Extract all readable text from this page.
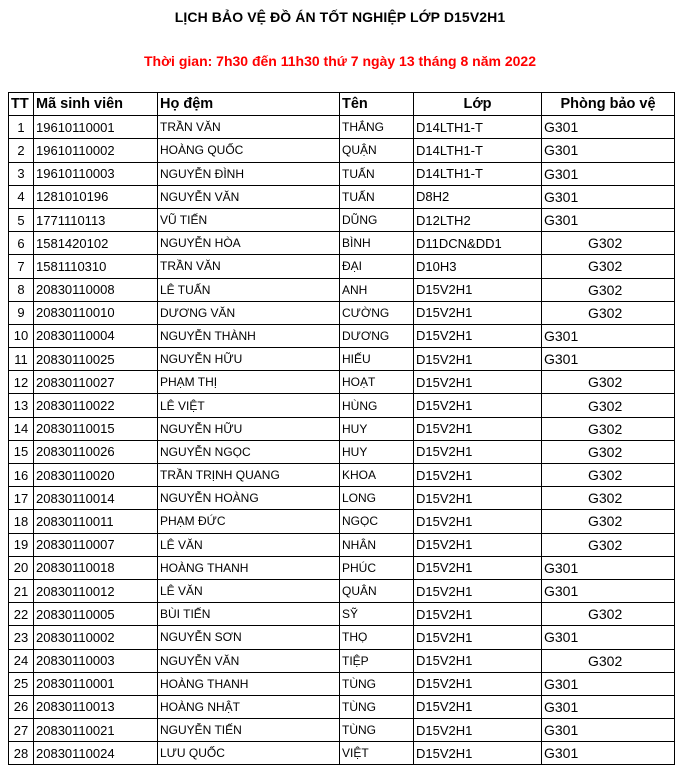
LỊCH BẢO VỆ ĐỒ ÁN TỐT NGHIỆP LỚP D15V2H1
Thời gian: 7h30 đến 11h30 thứ 7 ngày 13 tháng 8 năm 2022
TT	Mã sinh viên	Họ đệm	Tên	Lớp	Phòng bảo vệ
1	19610110001	TRẦN VĂN	THẮNG	D14LTH1-T	G301
2	19610110002	HOÀNG QUỐC	QUẬN	D14LTH1-T	G301
3	19610110003	NGUYỄN ĐÌNH	TUẤN	D14LTH1-T	G301
4	1281010196	NGUYỄN VĂN	TUẤN	D8H2	G301
5	1771110113	VŨ TIẾN	DŨNG	D12LTH2	G301
6	1581420102	NGUYỄN HÒA	BÌNH	D11DCN&DD1	G302
7	1581110310	TRẦN VĂN	ĐẠI	D10H3	G302
8	20830110008	LÊ TUẤN	ANH	D15V2H1	G302
9	20830110010	DƯƠNG VĂN	CƯỜNG	D15V2H1	G302
10	20830110004	NGUYỄN THÀNH	DƯƠNG	D15V2H1	G301
11	20830110025	NGUYỄN HỮU	HIẾU	D15V2H1	G301
12	20830110027	PHẠM THỊ	HOẠT	D15V2H1	G302
13	20830110022	LÊ VIỆT	HÙNG	D15V2H1	G302
14	20830110015	NGUYỄN HỮU	HUY	D15V2H1	G302
15	20830110026	NGUYỄN NGỌC	HUY	D15V2H1	G302
16	20830110020	TRẦN TRỊNH QUANG	KHOA	D15V2H1	G302
17	20830110014	NGUYỄN HOÀNG	LONG	D15V2H1	G302
18	20830110011	PHẠM ĐỨC	NGỌC	D15V2H1	G302
19	20830110007	LÊ VĂN	NHÂN	D15V2H1	G302
20	20830110018	HOÀNG THANH	PHÚC	D15V2H1	G301
21	20830110012	LÊ VĂN	QUÂN	D15V2H1	G301
22	20830110005	BÙI TIẾN	SỸ	D15V2H1	G302
23	20830110002	NGUYỄN SƠN	THỌ	D15V2H1	G301
24	20830110003	NGUYỄN VĂN	TIỆP	D15V2H1	G302
25	20830110001	HOÀNG THANH	TÙNG	D15V2H1	G301
26	20830110013	HOÀNG NHẬT	TÙNG	D15V2H1	G301
27	20830110021	NGUYỄN TIẾN	TÙNG	D15V2H1	G301
28	20830110024	LƯU QUỐC	VIỆT	D15V2H1	G301
